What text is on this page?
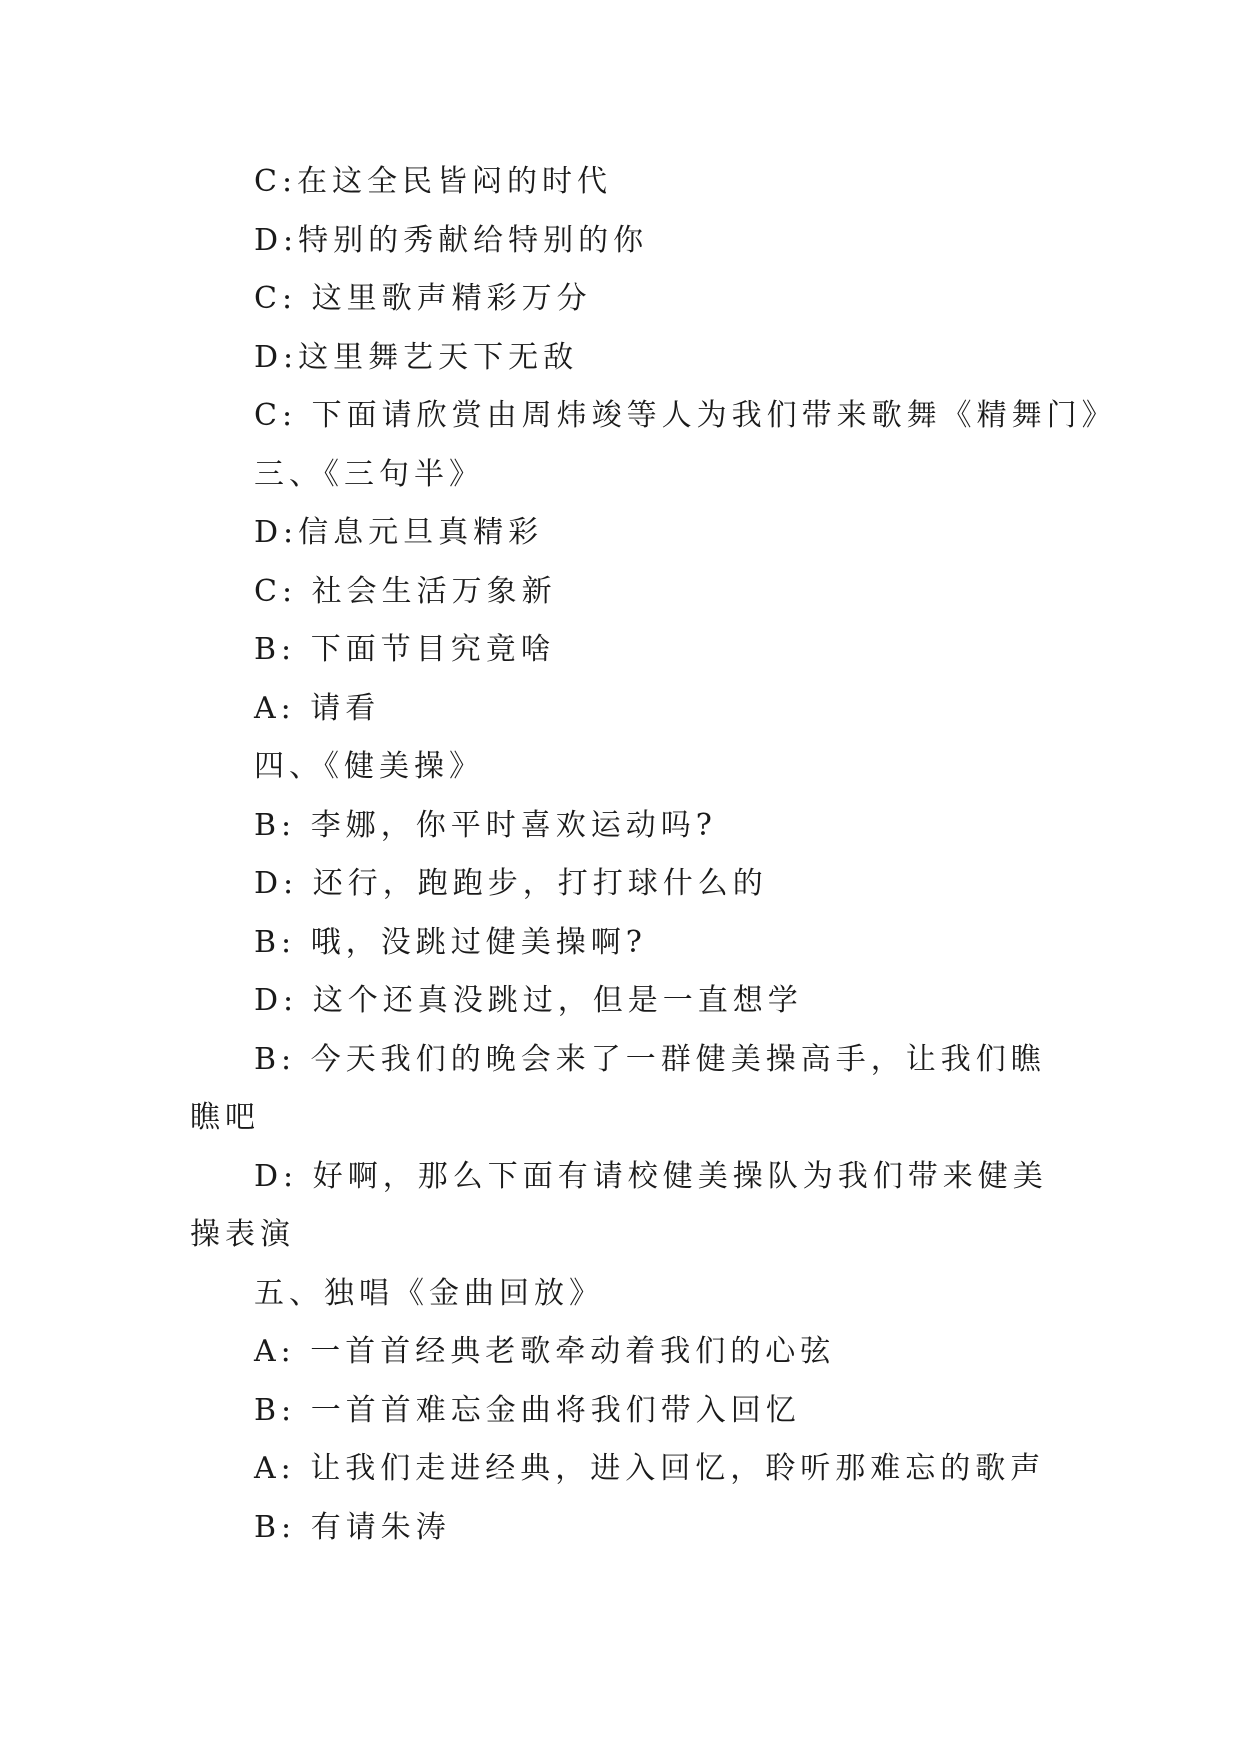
C:在这全民皆闷的时代

D:特别的秀献给特别的你

C: 这里歌声精彩万分

D:这里舞艺天下无敌

C: 下面请欣赏由周炜竣等人为我们带来歌舞《精舞门》

三、《三句半》

D:信息元旦真精彩

C: 社会生活万象新

B: 下面节目究竟啥

A: 请看

四、《健美操》

B: 李娜，你平时喜欢运动吗?

D: 还行，跑跑步，打打球什么的

B: 哦，没跳过健美操啊?

D: 这个还真没跳过，但是一直想学

B: 今天我们的晚会来了一群健美操高手，让我们瞧瞧吧

D: 好啊，那么下面有请校健美操队为我们带来健美操表演

五、独唱《金曲回放》

A: 一首首经典老歌牵动着我们的心弦

B: 一首首难忘金曲将我们带入回忆

A: 让我们走进经典，进入回忆，聆听那难忘的歌声

B: 有请朱涛
